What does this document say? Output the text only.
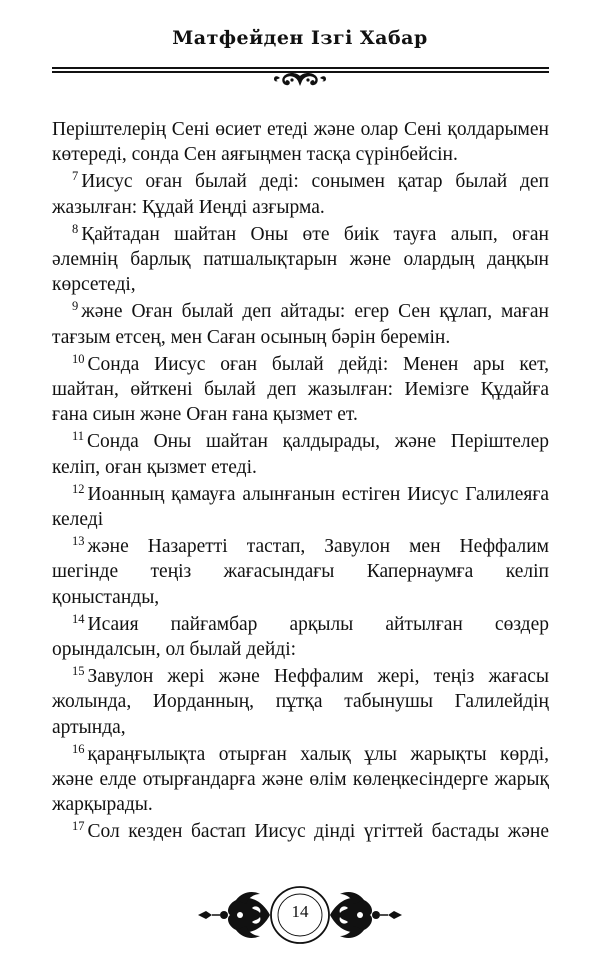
Матфейден Ізгі Хабар

Періштелерің Сені өсиет етеді және олар Сені қолдарымен көтереді, сонда Сен аяғыңмен тасқа сүрінбейсін.

$^7$ Иисус оған былай деді: сонымен қатар былай деп жазылған: Құдай Иеңді азғырма.

$^8$ Қайтадан шайтан Оны өте биік тауға алып, оған әлемнің барлық патшалықтарын және олардың даңқын көрсетеді,

$^9$ және Оған былай деп айтады: егер Сен құлап, маған тағзым етсең, мен Саған осының бәрін беремін.

$^{10}$ Сонда Иисус оған былай дейді: Менен ары кет, шайтан, өйткені былай деп жазылған: Иемізге Құдайға ғана сиын және Оған ғана қызмет ет.

$^{11}$ Сонда Оны шайтан қалдырады, және Періштелер келіп, оған қызмет етеді.

$^{12}$ Иоанның қамауға алынғанын естіген Иисус Галилеяға келеді

$^{13}$ және Назаретті тастап, Завулон мен Неффалим шегінде теңіз жағасындағы Капернаумға келіп қоныстанды,

$^{14}$ Исаия пайғамбар арқылы айтылған сөздер орындалсын, ол былай дейді:

$^{15}$ Завулон жері және Неффалим жері, теңіз жағасы жолында, Иорданның, пұтқа табынушы Галилейдің артында,

$^{16}$ қараңғылықта отырған халық ұлы жарықты көрді, және елде отырғандарға және өлім көлеңкесіндерге жарық жарқырады.

$^{17}$ Сол кезден бастап Иисус дінді үгіттей бастады және

14
